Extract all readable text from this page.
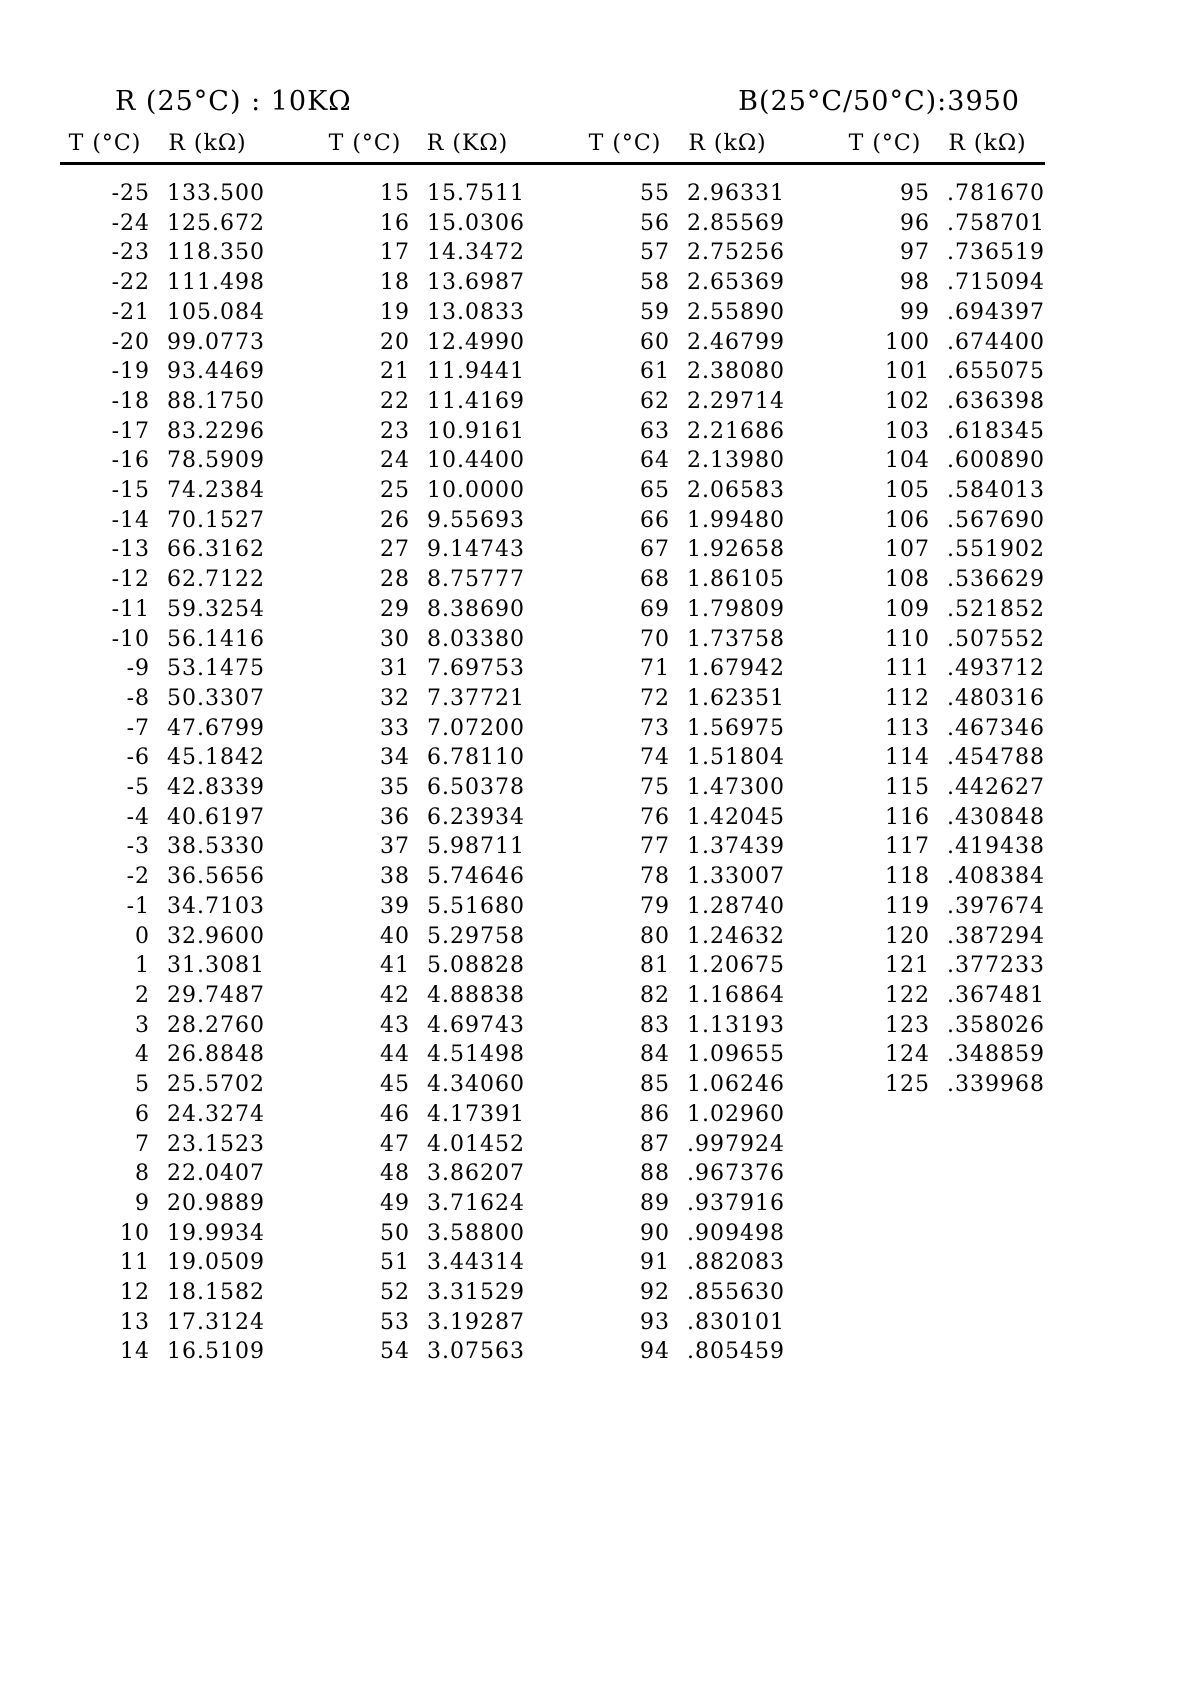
R (25°C) : 10KΩ	B(25°C/50°C):3950
T (°C)	R (kΩ)	T (°C)	R (KΩ)	T (°C)	R (kΩ)	T (°C)	R (kΩ)
-25 133.500	15 15.7511	55 2.96331	95 .781670
-24 125.672	16 15.0306	56 2.85569	96 .758701
-23 118.350	17 14.3472	57 2.75256	97 .736519
-22 111.498	18 13.6987	58 2.65369	98 .715094
-21 105.084	19 13.0833	59 2.55890	99 .694397
-20 99.0773	20 12.4990	60 2.46799	100 .674400
-19 93.4469	21 11.9441	61 2.38080	101 .655075
-18 88.1750	22 11.4169	62 2.29714	102 .636398
-17 83.2296	23 10.9161	63 2.21686	103 .618345
-16 78.5909	24 10.4400	64 2.13980	104 .600890
-15 74.2384	25 10.0000	65 2.06583	105 .584013
-14 70.1527	26 9.55693	66 1.99480	106 .567690
-13 66.3162	27 9.14743	67 1.92658	107 .551902
-12 62.7122	28 8.75777	68 1.86105	108 .536629
-11 59.3254	29 8.38690	69 1.79809	109 .521852
-10 56.1416	30 8.03380	70 1.73758	110 .507552
-9 53.1475	31 7.69753	71 1.67942	111 .493712
-8 50.3307	32 7.37721	72 1.62351	112 .480316
-7 47.6799	33 7.07200	73 1.56975	113 .467346
-6 45.1842	34 6.78110	74 1.51804	114 .454788
-5 42.8339	35 6.50378	75 1.47300	115 .442627
-4 40.6197	36 6.23934	76 1.42045	116 .430848
-3 38.5330	37 5.98711	77 1.37439	117 .419438
-2 36.5656	38 5.74646	78 1.33007	118 .408384
-1 34.7103	39 5.51680	79 1.28740	119 .397674
0 32.9600	40 5.29758	80 1.24632	120 .387294
1 31.3081	41 5.08828	81 1.20675	121 .377233
2 29.7487	42 4.88838	82 1.16864	122 .367481
3 28.2760	43 4.69743	83 1.13193	123 .358026
4 26.8848	44 4.51498	84 1.09655	124 .348859
5 25.5702	45 4.34060	85 1.06246	125 .339968
6 24.3274	46 4.17391	86 1.02960
7 23.1523	47 4.01452	87 .997924
8 22.0407	48 3.86207	88 .967376
9 20.9889	49 3.71624	89 .937916
10 19.9934	50 3.58800	90 .909498
11 19.0509	51 3.44314	91 .882083
12 18.1582	52 3.31529	92 .855630
13 17.3124	53 3.19287	93 .830101
14 16.5109	54 3.07563	94 .805459
